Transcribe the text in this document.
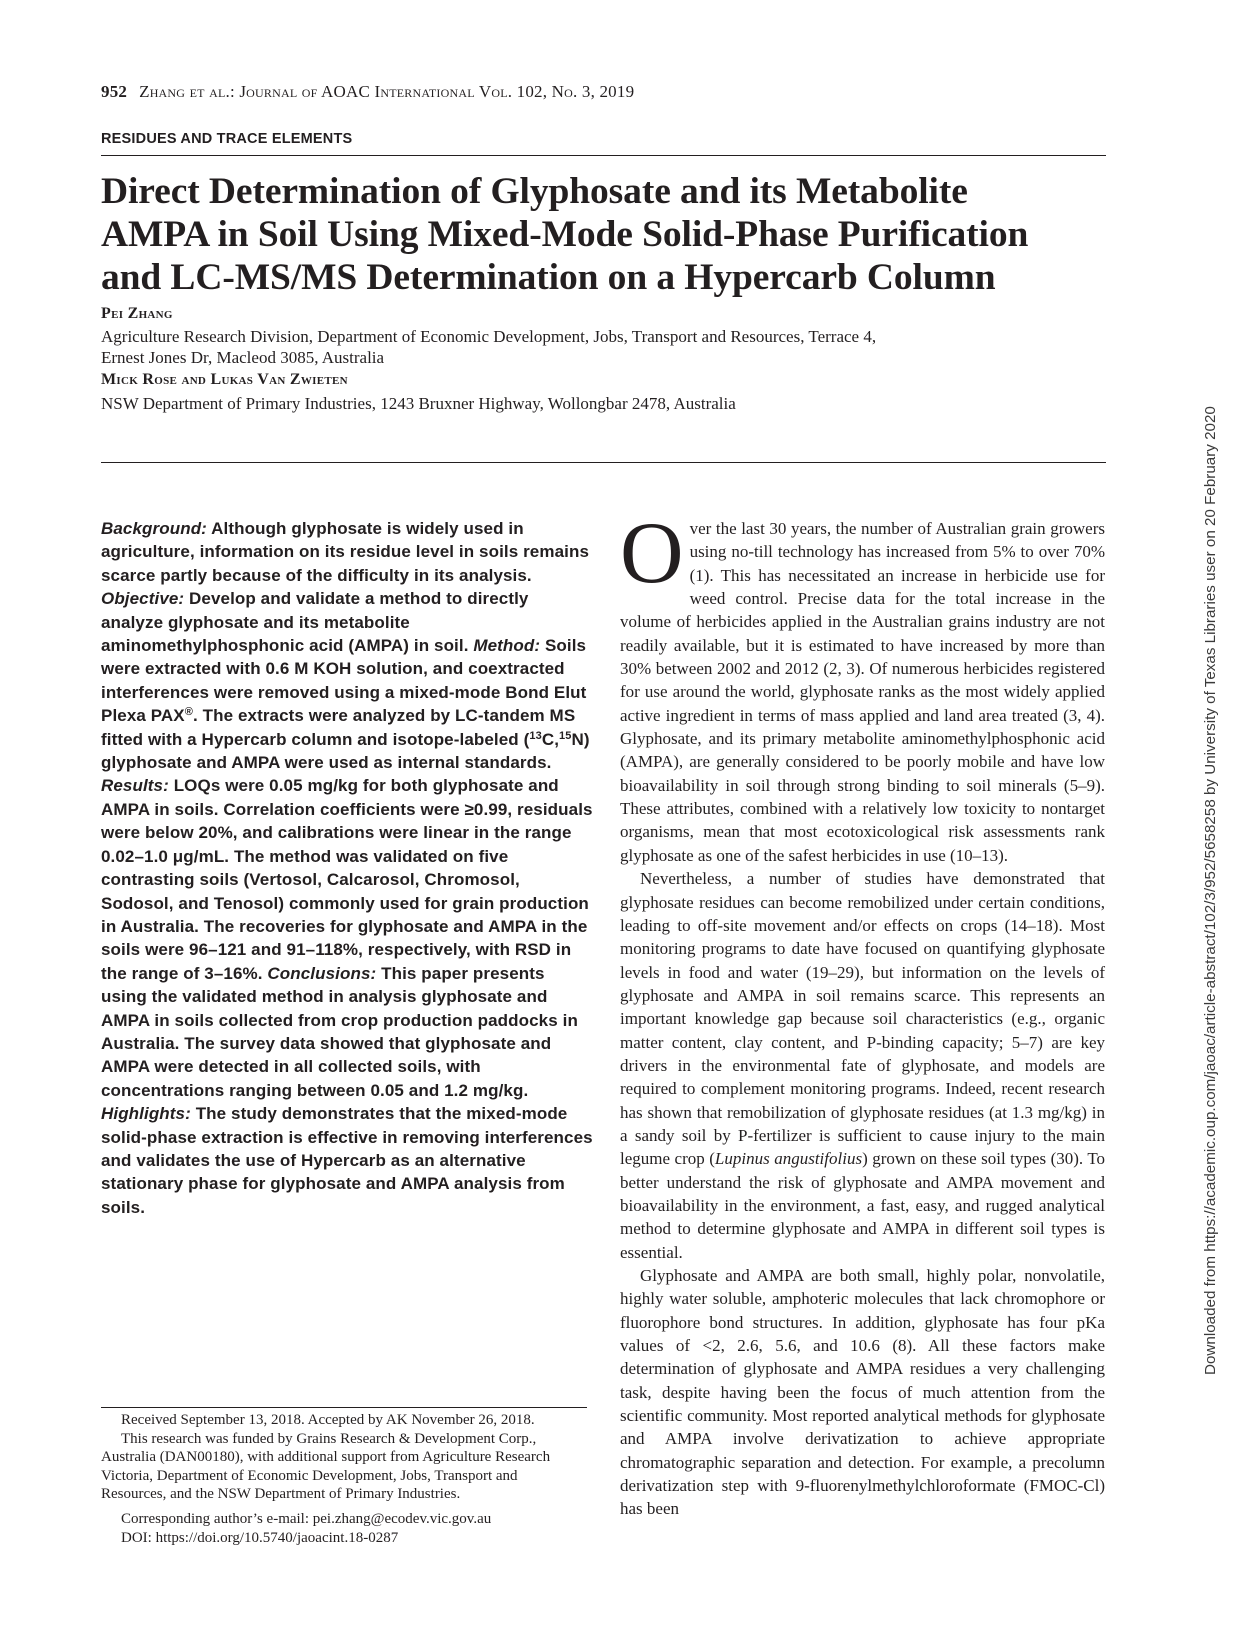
952 Zhang et al.: Journal of AOAC International Vol. 102, No. 3, 2019
RESIDUES AND TRACE ELEMENTS
Direct Determination of Glyphosate and its Metabolite
AMPA in Soil Using Mixed-Mode Solid-Phase Purification
and LC-MS/MS Determination on a Hypercarb Column
Pei Zhang
Agriculture Research Division, Department of Economic Development, Jobs, Transport and Resources, Terrace 4,
Ernest Jones Dr, Macleod 3085, Australia
Mick Rose and Lukas Van Zwieten
NSW Department of Primary Industries, 1243 Bruxner Highway, Wollongbar 2478, Australia
Background: Although glyphosate is widely used in agriculture, information on its residue level in soils remains scarce partly because of the difficulty in its analysis. Objective: Develop and validate a method to directly analyze glyphosate and its metabolite aminomethylphosphonic acid (AMPA) in soil. Method: Soils were extracted with 0.6 M KOH solution, and coextracted interferences were removed using a mixed-mode Bond Elut Plexa PAX®. The extracts were analyzed by LC-tandem MS fitted with a Hypercarb column and isotope-labeled ($^{13}$C,$^{15}$N) glyphosate and AMPA were used as internal standards. Results: LOQs were 0.05 mg/kg for both glyphosate and AMPA in soils. Correlation coefficients were ≥0.99, residuals were below 20%, and calibrations were linear in the range 0.02–1.0 μg/mL. The method was validated on five contrasting soils (Vertosol, Calcarosol, Chromosol, Sodosol, and Tenosol) commonly used for grain production in Australia. The recoveries for glyphosate and AMPA in the soils were 96–121 and 91–118%, respectively, with RSD in the range of 3–16%. Conclusions: This paper presents using the validated method in analysis glyphosate and AMPA in soils collected from crop production paddocks in Australia. The survey data showed that glyphosate and AMPA were detected in all collected soils, with concentrations ranging between 0.05 and 1.2 mg/kg. Highlights: The study demonstrates that the mixed-mode solid-phase extraction is effective in removing interferences and validates the use of Hypercarb as an alternative stationary phase for glyphosate and AMPA analysis from soils.
Received September 13, 2018. Accepted by AK November 26, 2018.
This research was funded by Grains Research & Development Corp., Australia (DAN00180), with additional support from Agriculture Research Victoria, Department of Economic Development, Jobs, Transport and Resources, and the NSW Department of Primary Industries.
Corresponding author’s e-mail: pei.zhang@ecodev.vic.gov.au
DOI: https://doi.org/10.5740/jaoacint.18-0287
Over the last 30 years, the number of Australian grain growers using no-till technology has increased from 5% to over 70% (1). This has necessitated an increase in herbicide use for weed control. Precise data for the total increase in the volume of herbicides applied in the Australian grains industry are not readily available, but it is estimated to have increased by more than 30% between 2002 and 2012 (2, 3). Of numerous herbicides registered for use around the world, glyphosate ranks as the most widely applied active ingredient in terms of mass applied and land area treated (3, 4). Glyphosate, and its primary metabolite aminomethylphosphonic acid (AMPA), are generally considered to be poorly mobile and have low bioavailability in soil through strong binding to soil minerals (5–9). These attributes, combined with a relatively low toxicity to nontarget organisms, mean that most ecotoxicological risk assessments rank glyphosate as one of the safest herbicides in use (10–13).
Nevertheless, a number of studies have demonstrated that glyphosate residues can become remobilized under certain conditions, leading to off-site movement and/or effects on crops (14–18). Most monitoring programs to date have focused on quantifying glyphosate levels in food and water (19–29), but information on the levels of glyphosate and AMPA in soil remains scarce. This represents an important knowledge gap because soil characteristics (e.g., organic matter content, clay content, and P-binding capacity; 5–7) are key drivers in the environmental fate of glyphosate, and models are required to complement monitoring programs. Indeed, recent research has shown that remobilization of glyphosate residues (at 1.3 mg/kg) in a sandy soil by P-fertilizer is sufficient to cause injury to the main legume crop (Lupinus angustifolius) grown on these soil types (30). To better understand the risk of glyphosate and AMPA movement and bioavailability in the environment, a fast, easy, and rugged analytical method to determine glyphosate and AMPA in different soil types is essential.
Glyphosate and AMPA are both small, highly polar, nonvolatile, highly water soluble, amphoteric molecules that lack chromophore or fluorophore bond structures. In addition, glyphosate has four pKa values of <2, 2.6, 5.6, and 10.6 (8). All these factors make determination of glyphosate and AMPA residues a very challenging task, despite having been the focus of much attention from the scientific community. Most reported analytical methods for glyphosate and AMPA involve derivatization to achieve appropriate chromatographic separation and detection. For example, a precolumn derivatization step with 9-fluorenylmethylchloroformate (FMOC-Cl) has been
Downloaded from https://academic.oup.com/jaoac/article-abstract/102/3/952/5658258 by University of Texas Libraries user on 20 February 2020
